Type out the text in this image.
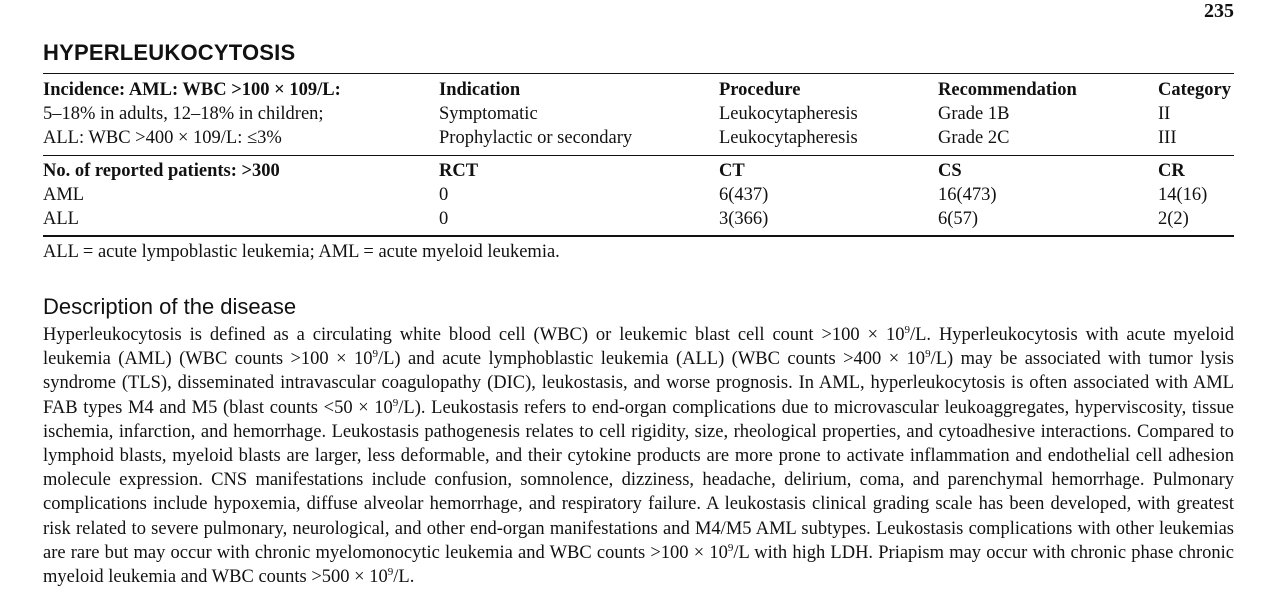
235
HYPERLEUKOCYTOSIS
Incidence: AML: WBC >100 × 109/L:	Indication	Procedure	Recommendation	Category
5–18% in adults, 12–18% in children;	Symptomatic	Leukocytapheresis	Grade 1B	II
ALL: WBC >400 × 109/L: ≤3%	Prophylactic or secondary	Leukocytapheresis	Grade 2C	III
No. of reported patients: >300	RCT	CT	CS	CR
AML	0	6(437)	16(473)	14(16)
ALL	0	3(366)	6(57)	2(2)
ALL = acute lympoblastic leukemia; AML = acute myeloid leukemia.
Description of the disease
Hyperleukocytosis is defined as a circulating white blood cell (WBC) or leukemic blast cell count $>100 \times 10^9/L$. Hyperleukocytosis with acute myeloid leukemia (AML) (WBC counts $>100 \times 10^9/L$) and acute lymphoblastic leukemia (ALL) (WBC counts $>400 \times 10^9/L$) may be associated with tumor lysis syndrome (TLS), disseminated intravascular coagulopathy (DIC), leukostasis, and worse prognosis. In AML, hyperleukocytosis is often associated with AML FAB types M4 and M5 (blast counts $<50 \times 10^9/L$). Leukostasis refers to end-organ complications due to microvascular leukoaggregates, hyperviscosity, tissue ischemia, infarction, and hemorrhage. Leukostasis pathogenesis relates to cell rigidity, size, rheological properties, and cytoadhesive interactions. Compared to lymphoid blasts, myeloid blasts are larger, less deformable, and their cytokine products are more prone to activate inflammation and endothelial cell adhesion molecule expression. CNS manifestations include confusion, somnolence, dizziness, headache, delirium, coma, and parenchymal hemorrhage. Pulmonary complications include hypoxemia, diffuse alveolar hemorrhage, and respiratory failure. A leukostasis clinical grading scale has been developed, with greatest risk related to severe pulmonary, neurological, and other end-organ manifestations and M4/M5 AML subtypes. Leukostasis complications with other leukemias are rare but may occur with chronic myelomonocytic leukemia and WBC counts $>100 \times 10^9/L$ with high LDH. Priapism may occur with chronic phase chronic myeloid leukemia and WBC counts $>500 \times 10^9/L$.
